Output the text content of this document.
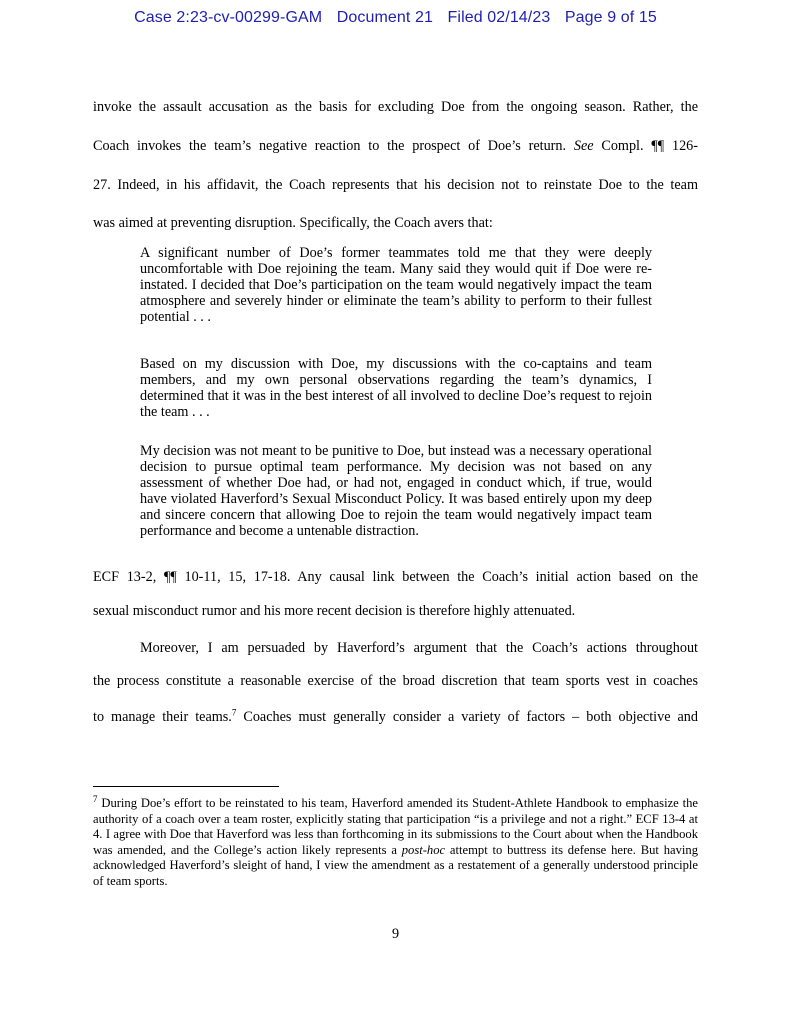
Case 2:23-cv-00299-GAM Document 21 Filed 02/14/23 Page 9 of 15
invoke the assault accusation as the basis for excluding Doe from the ongoing season. Rather, the
Coach invokes the team’s negative reaction to the prospect of Doe’s return. See Compl. ¶¶ 126-
27. Indeed, in his affidavit, the Coach represents that his decision not to reinstate Doe to the team
was aimed at preventing disruption. Specifically, the Coach avers that:

A significant number of Doe’s former teammates told me that they were deeply uncomfortable with Doe rejoining the team. Many said they would quit if Doe were re-instated. I decided that Doe’s participation on the team would negatively impact the team atmosphere and severely hinder or eliminate the team’s ability to perform to their fullest potential . . .

Based on my discussion with Doe, my discussions with the co-captains and team members, and my own personal observations regarding the team’s dynamics, I determined that it was in the best interest of all involved to decline Doe’s request to rejoin the team . . .

My decision was not meant to be punitive to Doe, but instead was a necessary operational decision to pursue optimal team performance. My decision was not based on any assessment of whether Doe had, or had not, engaged in conduct which, if true, would have violated Haverford’s Sexual Misconduct Policy. It was based entirely upon my deep and sincere concern that allowing Doe to rejoin the team would negatively impact team performance and become a untenable distraction.

ECF 13-2, ¶¶ 10-11, 15, 17-18. Any causal link between the Coach’s initial action based on the
sexual misconduct rumor and his more recent decision is therefore highly attenuated.
Moreover, I am persuaded by Haverford’s argument that the Coach’s actions throughout
the process constitute a reasonable exercise of the broad discretion that team sports vest in coaches
to manage their teams.$^7$ Coaches must generally consider a variety of factors – both objective and
$^7$ During Doe’s effort to be reinstated to his team, Haverford amended its Student-Athlete Handbook to emphasize the authority of a coach over a team roster, explicitly stating that participation “is a privilege and not a right.” ECF 13-4 at 4. I agree with Doe that Haverford was less than forthcoming in its submissions to the Court about when the Handbook was amended, and the College’s action likely represents a post-hoc attempt to buttress its defense here. But having acknowledged Haverford’s sleight of hand, I view the amendment as a restatement of a generally understood principle of team sports.
9
